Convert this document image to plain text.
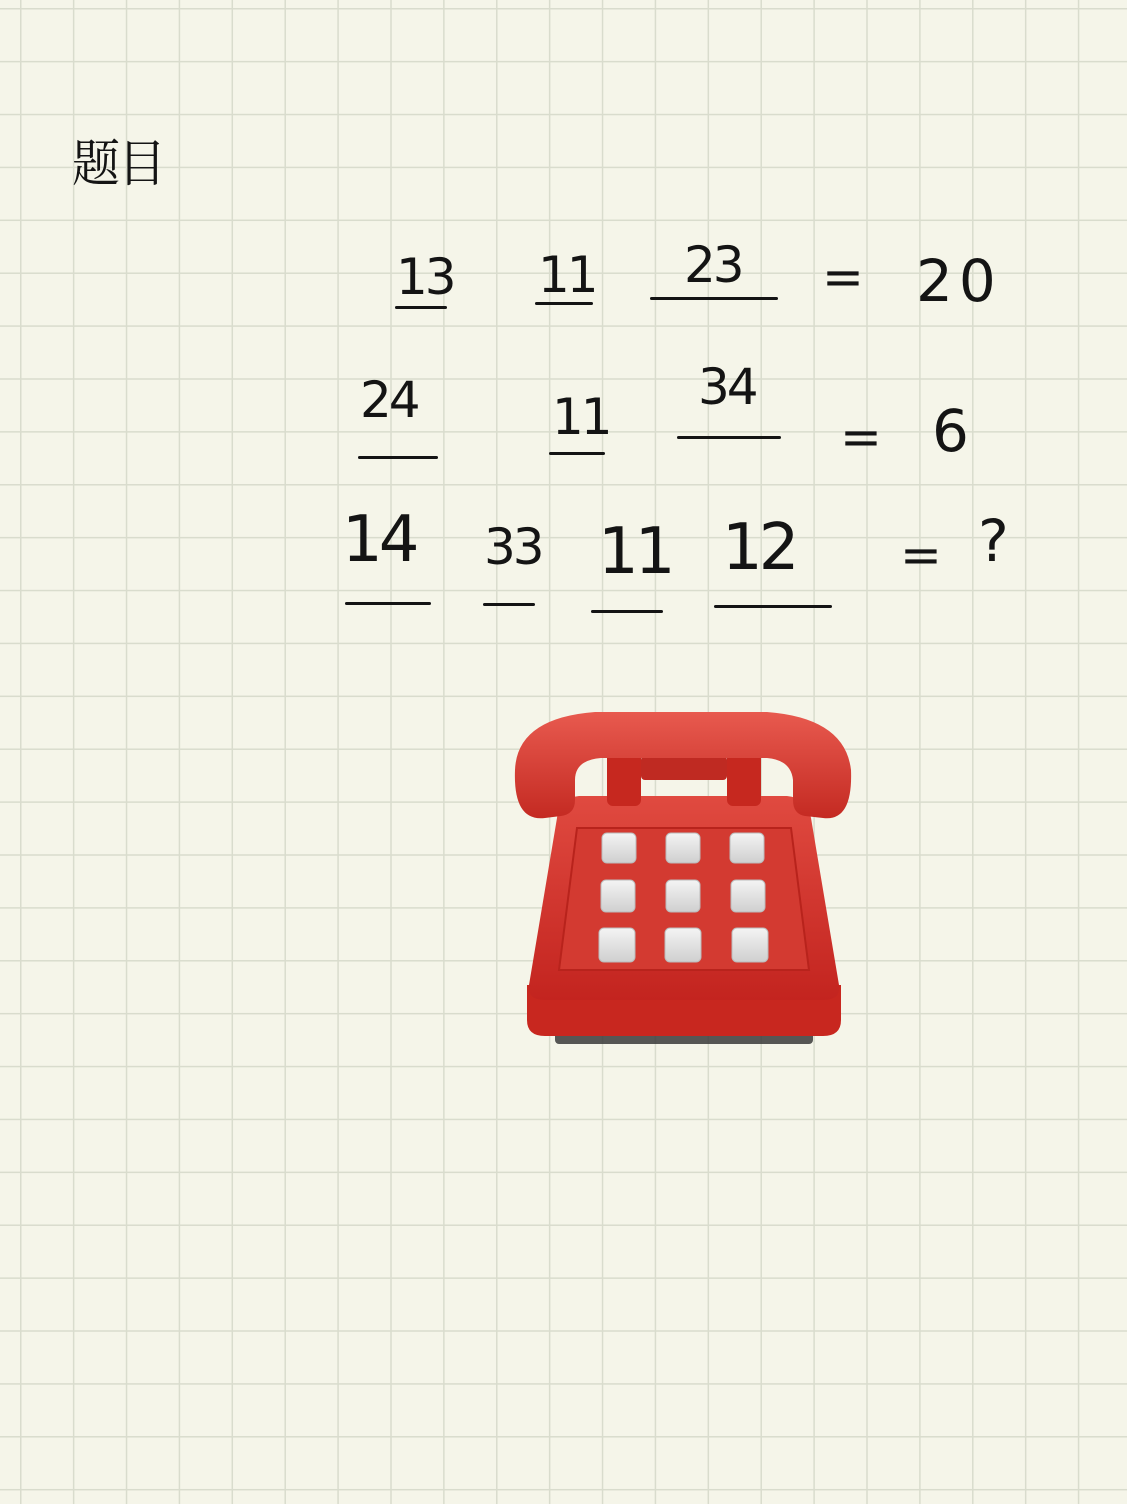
题目
13 11 23 = 20
24	11
34
= 6
14 33 11 12 = ?
